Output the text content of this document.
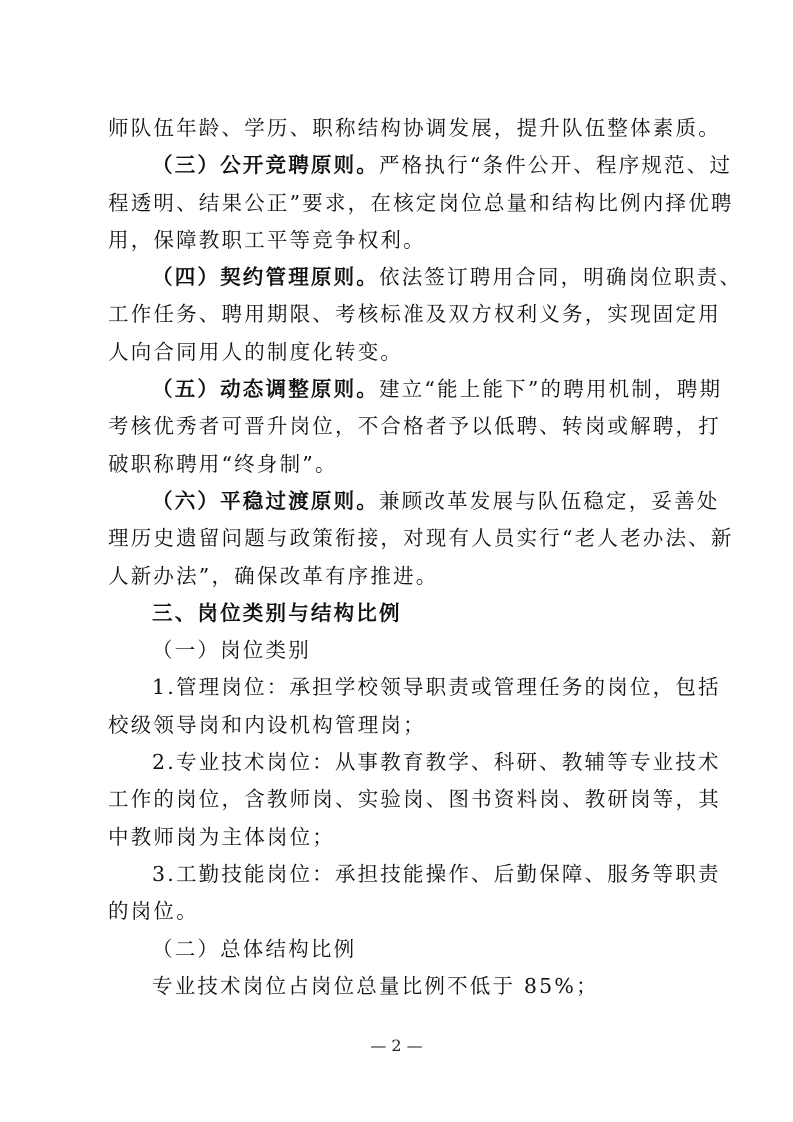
师队伍年龄、学历、职称结构协调发展，提升队伍整体素质。
（三）公开竞聘原则。严格执行“条件公开、程序规范、过
程透明、结果公正”要求，在核定岗位总量和结构比例内择优聘
用，保障教职工平等竞争权利。
（四）契约管理原则。依法签订聘用合同，明确岗位职责、
工作任务、聘用期限、考核标准及双方权利义务，实现固定用
人向合同用人的制度化转变。
（五）动态调整原则。建立“能上能下”的聘用机制，聘期
考核优秀者可晋升岗位，不合格者予以低聘、转岗或解聘，打
破职称聘用“终身制”。
（六）平稳过渡原则。兼顾改革发展与队伍稳定，妥善处
理历史遗留问题与政策衔接，对现有人员实行“老人老办法、新
人新办法”，确保改革有序推进。
三、岗位类别与结构比例
（一）岗位类别
1.管理岗位：承担学校领导职责或管理任务的岗位，包括
校级领导岗和内设机构管理岗；
2.专业技术岗位：从事教育教学、科研、教辅等专业技术
工作的岗位，含教师岗、实验岗、图书资料岗、教研岗等，其
中教师岗为主体岗位；
3.工勤技能岗位：承担技能操作、后勤保障、服务等职责
的岗位。
（二）总体结构比例
专业技术岗位占岗位总量比例不低于 85%；
— 2 —
